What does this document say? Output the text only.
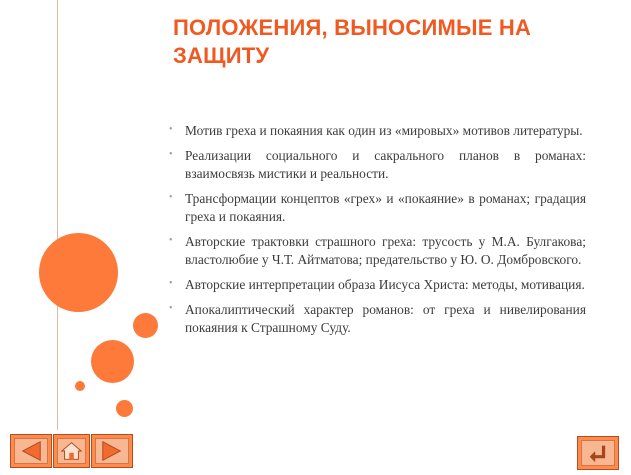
ПОЛОЖЕНИЯ, ВЫНОСИМЫЕ НА ЗАЩИТУ
• Мотив греха и покаяния как один из «мировых» мотивов литературы.
• Реализации социального и сакрального планов в романах: взаимосвязь мистики и реальности.
• Трансформации концептов «грех» и «покаяние» в романах; градация греха и покаяния.
• Авторские трактовки страшного греха: трусость у М.А. Булгакова; властолюбие у Ч.Т. Айтматова; предательство у Ю. О. Домбровского.
• Авторские интерпретации образа Иисуса Христа: методы, мотивация.
• Апокалиптический характер романов: от греха и нивелирования покаяния к Страшному Суду.
